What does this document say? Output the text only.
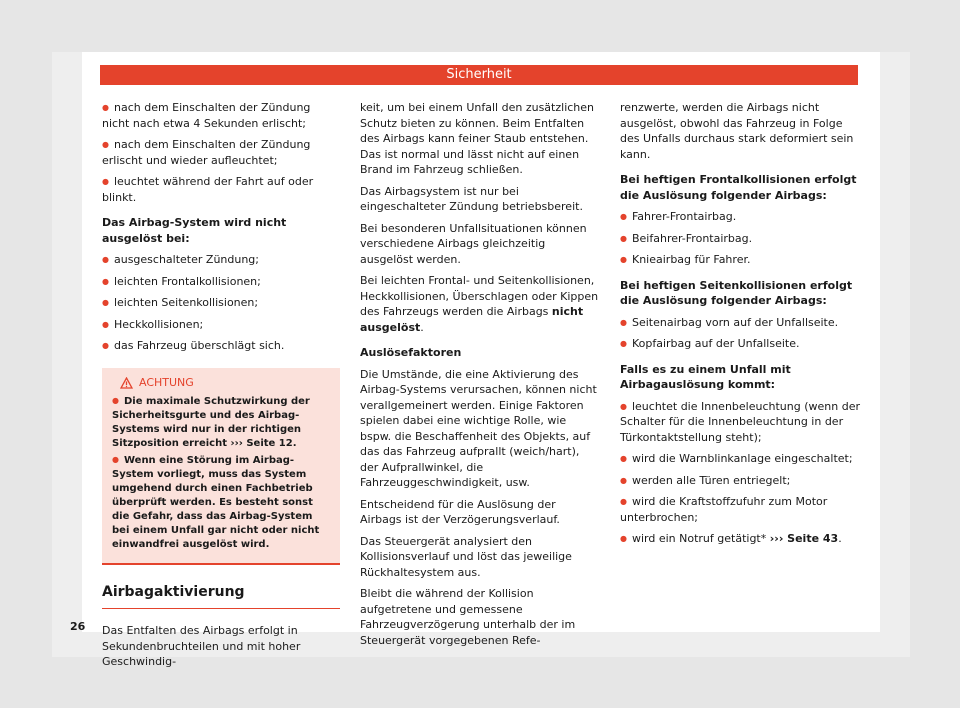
Sicherheit

● nach dem Einschalten der Zündung nicht nach etwa 4 Sekunden erlischt;

● nach dem Einschalten der Zündung erlischt und wieder aufleuchtet;

● leuchtet während der Fahrt auf oder blinkt.

Das Airbag-System wird nicht ausgelöst bei:

● ausgeschalteter Zündung;

● leichten Frontalkollisionen;

● leichten Seitenkollisionen;

● Heckkollisionen;

● das Fahrzeug überschlägt sich.

ACHTUNG

● Die maximale Schutzwirkung der Sicherheitsgurte und des Airbag-Systems wird nur in der richtigen Sitzposition erreicht ››› Seite 12.

● Wenn eine Störung im Airbag-System vorliegt, muss das System umgehend durch einen Fachbetrieb überprüft werden. Es besteht sonst die Gefahr, dass das Airbag-System bei einem Unfall gar nicht oder nicht einwandfrei ausgelöst wird.

Airbagaktivierung

Das Entfalten des Airbags erfolgt in Sekundenbruchteilen und mit hoher Geschwindig-

keit, um bei einem Unfall den zusätzlichen Schutz bieten zu können. Beim Entfalten des Airbags kann feiner Staub entstehen. Das ist normal und lässt nicht auf einen Brand im Fahrzeug schließen.

Das Airbagsystem ist nur bei eingeschalteter Zündung betriebsbereit.

Bei besonderen Unfallsituationen können verschiedene Airbags gleichzeitig ausgelöst werden.

Bei leichten Frontal- und Seitenkollisionen, Heckkollisionen, Überschlagen oder Kippen des Fahrzeugs werden die Airbags nicht ausgelöst.

Auslösefaktoren

Die Umstände, die eine Aktivierung des Airbag-Systems verursachen, können nicht verallgemeinert werden. Einige Faktoren spielen dabei eine wichtige Rolle, wie bspw. die Beschaffenheit des Objekts, auf das das Fahrzeug aufprallt (weich/hart), der Aufprallwinkel, die Fahrzeuggeschwindigkeit, usw.

Entscheidend für die Auslösung der Airbags ist der Verzögerungsverlauf.

Das Steuergerät analysiert den Kollisionsverlauf und löst das jeweilige Rückhaltesystem aus.

Bleibt die während der Kollision aufgetretene und gemessene Fahrzeugverzögerung unterhalb der im Steuergerät vorgegebenen Refe-

renzwerte, werden die Airbags nicht ausgelöst, obwohl das Fahrzeug in Folge des Unfalls durchaus stark deformiert sein kann.

Bei heftigen Frontalkollisionen erfolgt die Auslösung folgender Airbags:

● Fahrer-Frontairbag.

● Beifahrer-Frontairbag.

● Knieairbag für Fahrer.

Bei heftigen Seitenkollisionen erfolgt die Auslösung folgender Airbags:

● Seitenairbag vorn auf der Unfallseite.

● Kopfairbag auf der Unfallseite.

Falls es zu einem Unfall mit Airbagauslösung kommt:

● leuchtet die Innenbeleuchtung (wenn der Schalter für die Innenbeleuchtung in der Türkontaktstellung steht);

● wird die Warnblinkanlage eingeschaltet;

● werden alle Türen entriegelt;

● wird die Kraftstoffzufuhr zum Motor unterbrochen;

● wird ein Notruf getätigt* ››› Seite 43.

26
